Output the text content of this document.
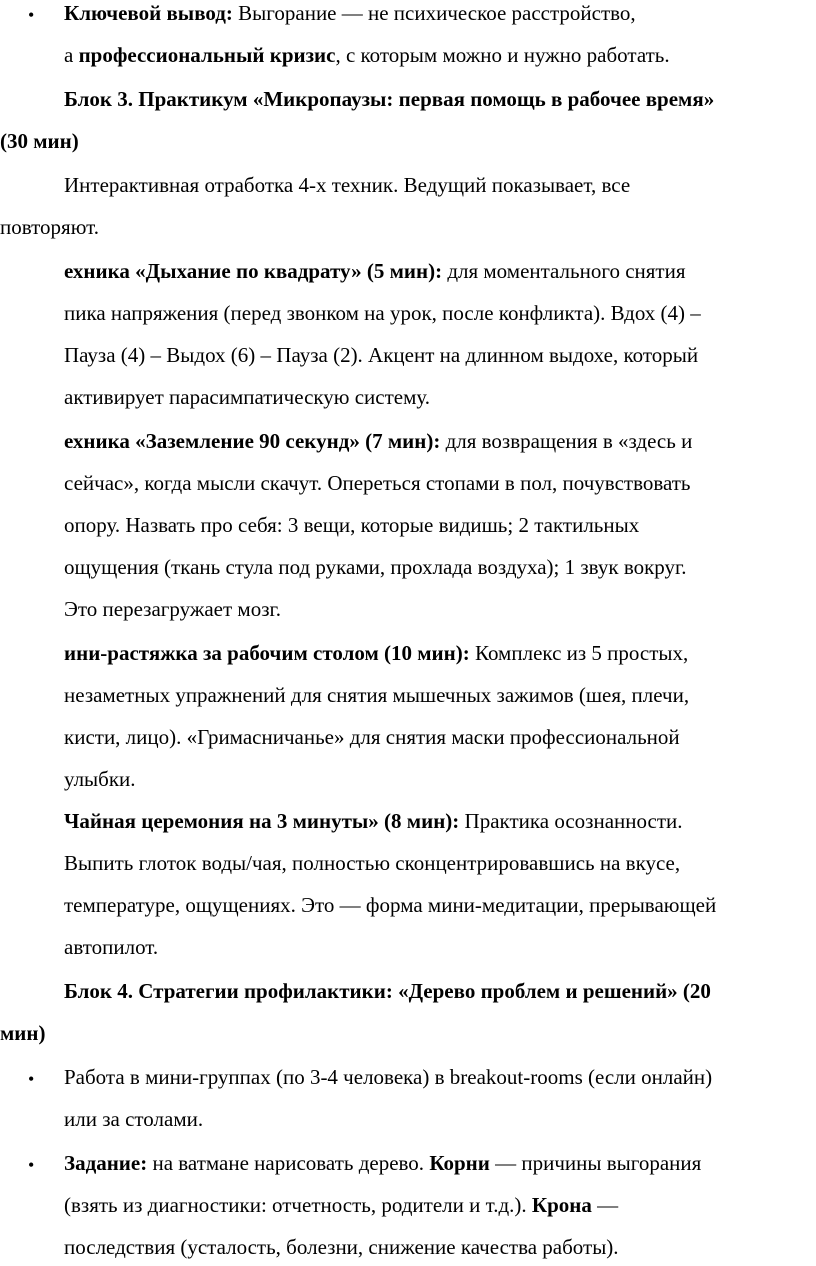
• Ключевой вывод: Выгорание — не психическое расстройство,
а профессиональный кризис, с которым можно и нужно работать.
Блок 3. Практикум «Микропаузы: первая помощь в рабочее время»
(30 мин)
Интерактивная отработка 4-х техник. Ведущий показывает, все
повторяют.
ехника «Дыхание по квадрату» (5 мин): для моментального снятия
пика напряжения (перед звонком на урок, после конфликта). Вдох (4) –
Пауза (4) – Выдох (6) – Пауза (2). Акцент на длинном выдохе, который
активирует парасимпатическую систему.
ехника «Заземление 90 секунд» (7 мин): для возвращения в «здесь и
сейчас», когда мысли скачут. Опереться стопами в пол, почувствовать
опору. Назвать про себя: 3 вещи, которые видишь; 2 тактильных
ощущения (ткань стула под руками, прохлада воздуха); 1 звук вокруг.
Это перезагружает мозг.
ини-растяжка за рабочим столом (10 мин): Комплекс из 5 простых,
незаметных упражнений для снятия мышечных зажимов (шея, плечи,
кисти, лицо). «Гримасничанье» для снятия маски профессиональной
улыбки.
Чайная церемония на 3 минуты» (8 мин): Практика осознанности.
Выпить глоток воды/чая, полностью сконцентрировавшись на вкусе,
температуре, ощущениях. Это — форма мини-медитации, прерывающей
автопилот.
Блок 4. Стратегии профилактики: «Дерево проблем и решений» (20
мин)
• Работа в мини-группах (по 3-4 человека) в breakout-rooms (если онлайн)
или за столами.
• Задание: на ватмане нарисовать дерево. Корни — причины выгорания
(взять из диагностики: отчетность, родители и т.д.). Крона —
последствия (усталость, болезни, снижение качества работы).
